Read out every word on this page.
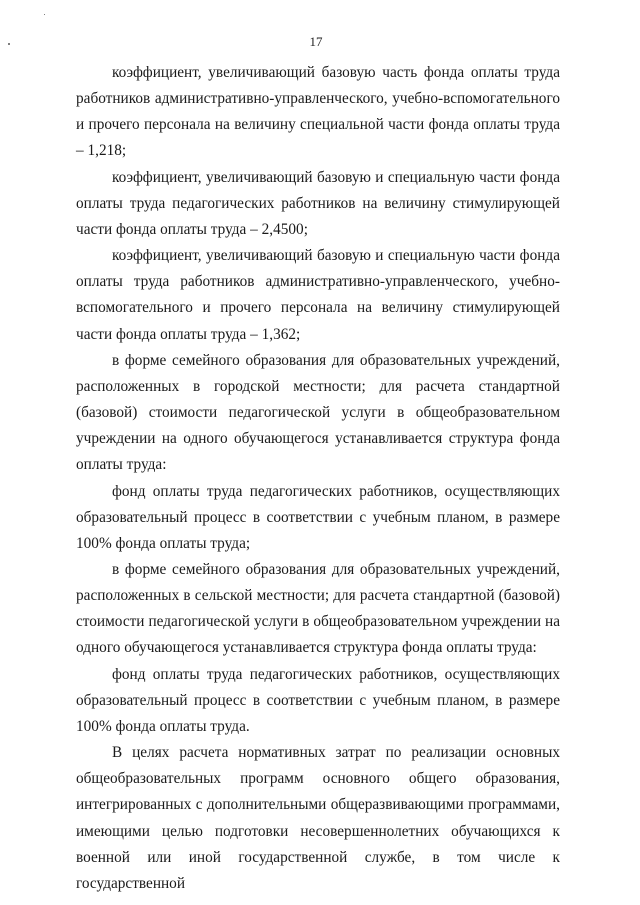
17

коэффициент, увеличивающий базовую часть фонда оплаты труда работников административно-управленческого, учебно-вспомогательного и прочего персонала на величину специальной части фонда оплаты труда – 1,218;

коэффициент, увеличивающий базовую и специальную части фонда оплаты труда педагогических работников на величину стимулирующей части фонда оплаты труда – 2,4500;

коэффициент, увеличивающий базовую и специальную части фонда оплаты труда работников административно-управленческого, учебно-вспомогательного и прочего персонала на величину стимулирующей части фонда оплаты труда – 1,362;

в форме семейного образования для образовательных учреждений, расположенных в городской местности; для расчета стандартной (базовой) стоимости педагогической услуги в общеобразовательном учреждении на одного обучающегося устанавливается структура фонда оплаты труда:

фонд оплаты труда педагогических работников, осуществляющих образовательный процесс в соответствии с учебным планом, в размере 100% фонда оплаты труда;

в форме семейного образования для образовательных учреждений, расположенных в сельской местности; для расчета стандартной (базовой) стоимости педагогической услуги в общеобразовательном учреждении на одного обучающегося устанавливается структура фонда оплаты труда:

фонд оплаты труда педагогических работников, осуществляющих образовательный процесс в соответствии с учебным планом, в размере 100% фонда оплаты труда.

В целях расчета нормативных затрат по реализации основных общеобразовательных программ основного общего образования, интегрированных с дополнительными общеразвивающими программами, имеющими целью подготовки несовершеннолетних обучающихся к военной или иной государственной службе, в том числе к государственной
